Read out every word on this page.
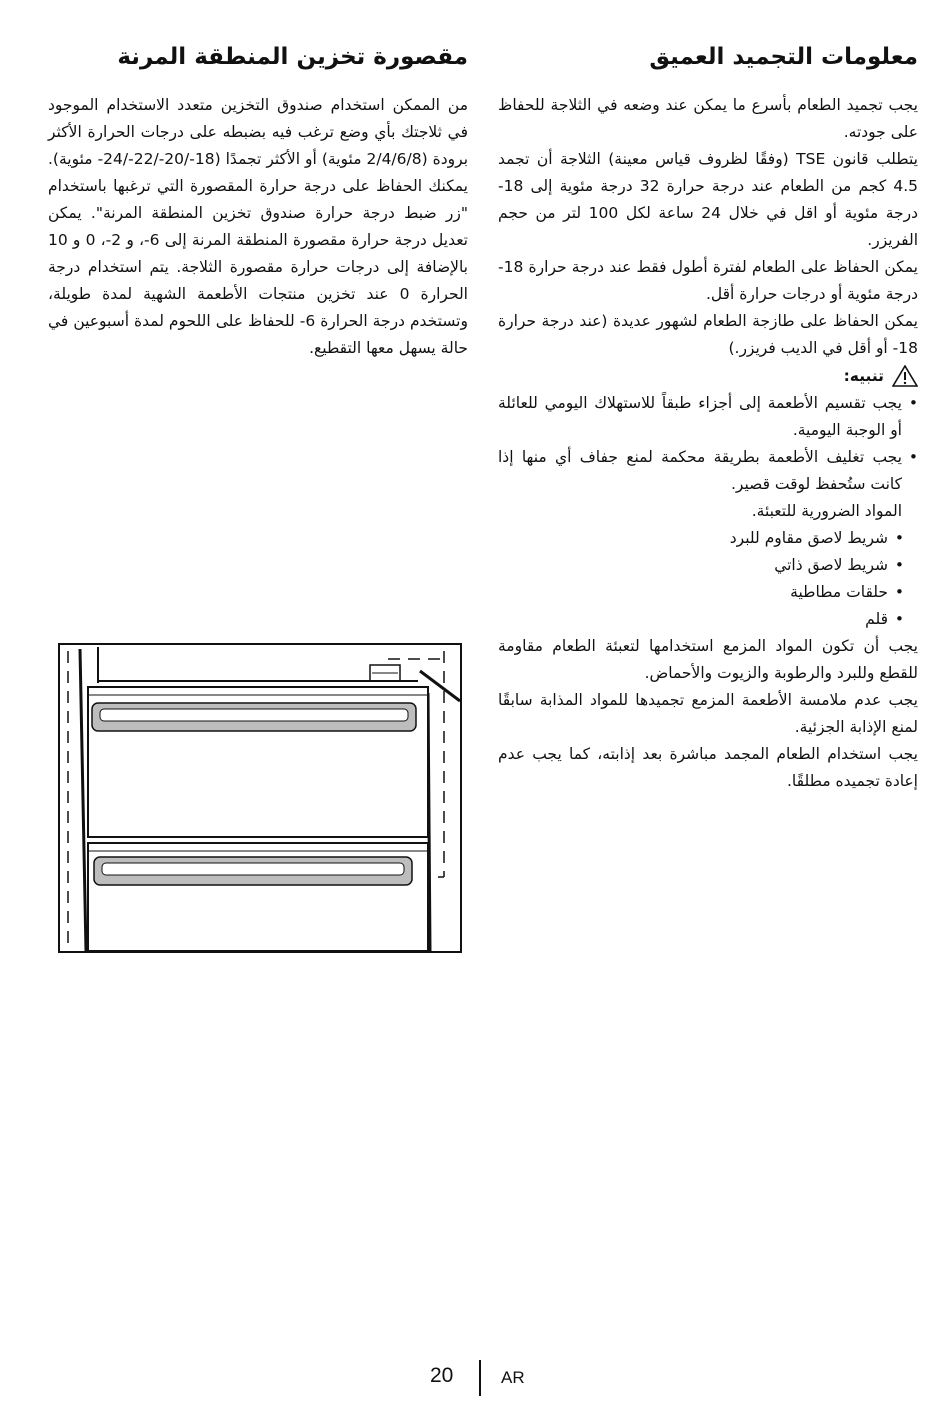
معلومات التجميد العميق

يجب تجميد الطعام بأسرع ما يمكن عند وضعه في الثلاجة للحفاظ على جودته.

يتطلب قانون TSE (وفقًا لظروف قياس معينة) الثلاجة أن تجمد 4.5 كجم من الطعام عند درجة حرارة 32 درجة مئوية إلى 18- درجة مئوية أو اقل في خلال 24 ساعة لكل 100 لتر من حجم الفريزر.

يمكن الحفاظ على الطعام لفترة أطول فقط عند درجة حرارة 18- درجة مئوية أو درجات حرارة أقل.

يمكن الحفاظ على طازجة الطعام لشهور عديدة (عند درجة حرارة 18- أو أقل في الديب فريزر.)

تنبيه:
• يجب تقسيم الأطعمة إلى أجزاء طبقاً للاستهلاك اليومي للعائلة أو الوجبة اليومية.
• يجب تغليف الأطعمة بطريقة محكمة لمنع جفاف أي منها إذا كانت ستُحفظ لوقت قصير.
المواد الضرورية للتعبئة.
• شريط لاصق مقاوم للبرد
• شريط لاصق ذاتي
• حلقات مطاطية
• قلم

يجب أن تكون المواد المزمع استخدامها لتعبئة الطعام مقاومة للقطع وللبرد والرطوبة والزيوت والأحماض.

يجب عدم ملامسة الأطعمة المزمع تجميدها للمواد المذابة سابقًا لمنع الإذابة الجزئية.

يجب استخدام الطعام المجمد مباشرة بعد إذابته، كما يجب عدم إعادة تجميده مطلقًا.

مقصورة تخزين المنطقة المرنة

من الممكن استخدام صندوق التخزين متعدد الاستخدام الموجود في ثلاجتك بأي وضع ترغب فيه بضبطه على درجات الحرارة الأكثر برودة (2/4/6/8 مئوية) أو الأكثر تجمدًا (18-/20-/22-/24- مئوية). يمكنك الحفاظ على درجة حرارة المقصورة التي ترغبها باستخدام "زر ضبط درجة حرارة صندوق تخزين المنطقة المرنة". يمكن تعديل درجة حرارة مقصورة المنطقة المرنة إلى 6-، و 2-، 0 و 10 بالإضافة إلى درجات حرارة مقصورة الثلاجة. يتم استخدام درجة الحرارة 0 عند تخزين منتجات الأطعمة الشهية لمدة طويلة، وتستخدم درجة الحرارة 6- للحفاظ على اللحوم لمدة أسبوعين في حالة يسهل معها التقطيع.

20	AR
